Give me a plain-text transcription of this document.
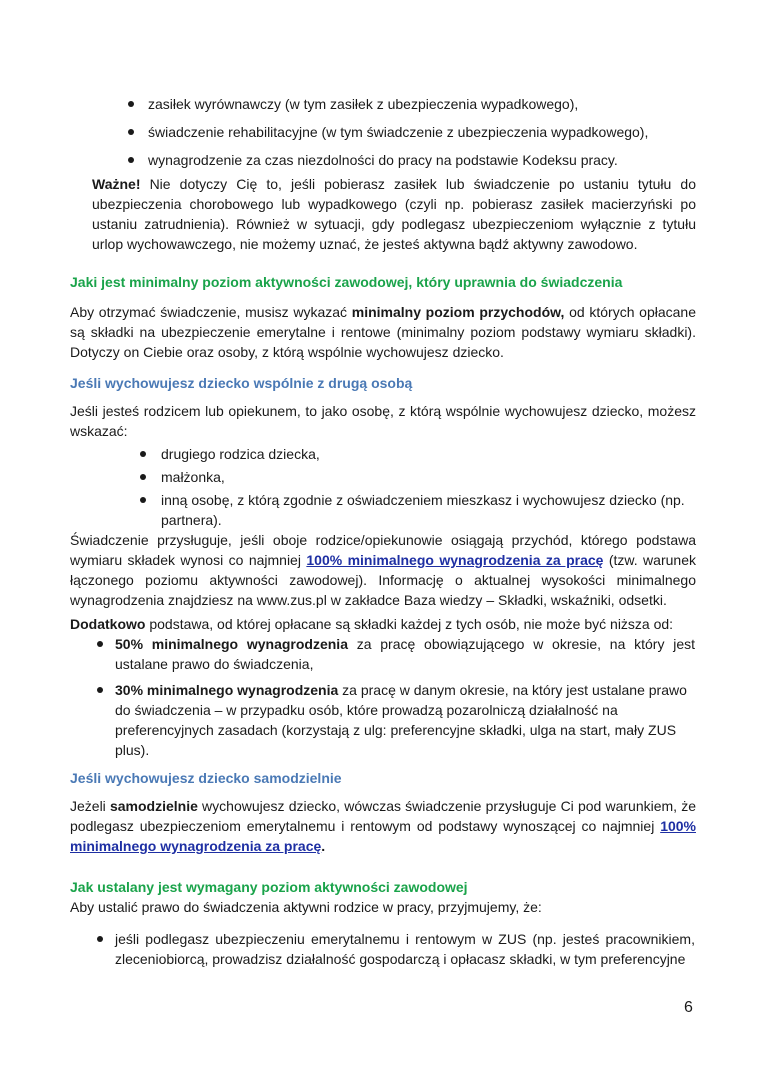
zasiłek wyrównawczy (w tym zasiłek z ubezpieczenia wypadkowego),
świadczenie rehabilitacyjne (w tym świadczenie z ubezpieczenia wypadkowego),
wynagrodzenie za czas niezdolności do pracy na podstawie Kodeksu pracy.

Ważne! Nie dotyczy Cię to, jeśli pobierasz zasiłek lub świadczenie po ustaniu tytułu do ubezpieczenia chorobowego lub wypadkowego (czyli np. pobierasz zasiłek macierzyński po ustaniu zatrudnienia). Również w sytuacji, gdy podlegasz ubezpieczeniom wyłącznie z tytułu urlop wychowawczego, nie możemy uznać, że jesteś aktywna bądź aktywny zawodowo.

Jaki jest minimalny poziom aktywności zawodowej, który uprawnia do świadczenia

Aby otrzymać świadczenie, musisz wykazać minimalny poziom przychodów, od których opłacane są składki na ubezpieczenie emerytalne i rentowe (minimalny poziom podstawy wymiaru składki). Dotyczy on Ciebie oraz osoby, z którą wspólnie wychowujesz dziecko.

Jeśli wychowujesz dziecko wspólnie z drugą osobą

Jeśli jesteś rodzicem lub opiekunem, to jako osobę, z którą wspólnie wychowujesz dziecko, możesz wskazać:

drugiego rodzica dziecka,
małżonka,
inną osobę, z którą zgodnie z oświadczeniem mieszkasz i wychowujesz dziecko (np. partnera).

Świadczenie przysługuje, jeśli oboje rodzice/opiekunowie osiągają przychód, którego podstawa wymiaru składek wynosi co najmniej 100% minimalnego wynagrodzenia za pracę (tzw. warunek łączonego poziomu aktywności zawodowej). Informację o aktualnej wysokości minimalnego wynagrodzenia znajdziesz na www.zus.pl w zakładce Baza wiedzy – Składki, wskaźniki, odsetki.

Dodatkowo podstawa, od której opłacane są składki każdej z tych osób, nie może być niższa od:

50% minimalnego wynagrodzenia za pracę obowiązującego w okresie, na który jest ustalane prawo do świadczenia,

30% minimalnego wynagrodzenia za pracę w danym okresie, na który jest ustalane prawo do świadczenia – w przypadku osób, które prowadzą pozarolniczą działalność na preferencyjnych zasadach (korzystają z ulg: preferencyjne składki, ulga na start, mały ZUS plus).

Jeśli wychowujesz dziecko samodzielnie

Jeżeli samodzielnie wychowujesz dziecko, wówczas świadczenie przysługuje Ci pod warunkiem, że podlegasz ubezpieczeniom emerytalnemu i rentowym od podstawy wynoszącej co najmniej 100% minimalnego wynagrodzenia za pracę.

Jak ustalany jest wymagany poziom aktywności zawodowej

Aby ustalić prawo do świadczenia aktywni rodzice w pracy, przyjmujemy, że:

jeśli podlegasz ubezpieczeniu emerytalnemu i rentowym w ZUS (np. jesteś pracownikiem, zleceniobiorcą, prowadzisz działalność gospodarczą i opłacasz składki, w tym preferencyjne

6
